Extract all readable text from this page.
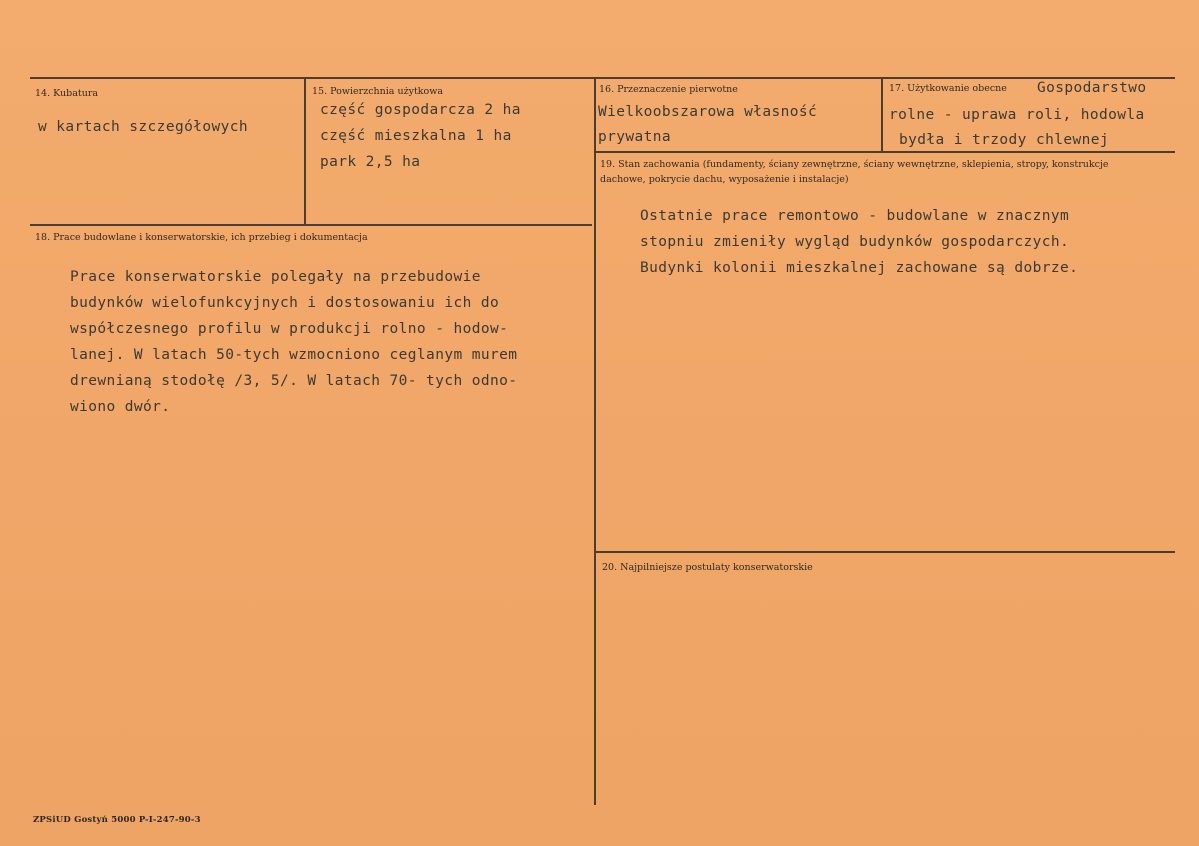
14. Kubatura
w kartach szczegółowych
15. Powierzchnia użytkowa
część gospodarcza 2 ha
część mieszkalna 1 ha
park 2,5 ha
16. Przeznaczenie pierwotne
Wielkoobszarowa własność
prywatna
17. Użytkowanie obecne Gospodarstwo
rolne - uprawa roli, hodowla
bydła i trzody chlewnej
18. Prace budowlane i konserwatorskie, ich przebieg i dokumentacja
Prace konserwatorskie polegały na przebudowie
budynków wielofunkcyjnych i dostosowaniu ich do
współczesnego profilu w produkcji rolno - hodow-
lanej. W latach 50-tych wzmocniono ceglanym murem
drewnianą stodołę /3, 5/. W latach 70- tych odno-
wiono dwór.
19. Stan zachowania (fundamenty, ściany zewnętrzne, ściany wewnętrzne, sklepienia, stropy, konstrukcje dachowe, pokrycie dachu, wyposażenie i instalacje)
Ostatnie prace remontowo - budowlane w znacznym
stopniu zmieniły wygląd budynków gospodarczych.
Budynki kolonii mieszkalnej zachowane są dobrze.
20. Najpilniejsze postulaty konserwatorskie
ZPSiUD Gostyń 5000 P-I-247-90-3
